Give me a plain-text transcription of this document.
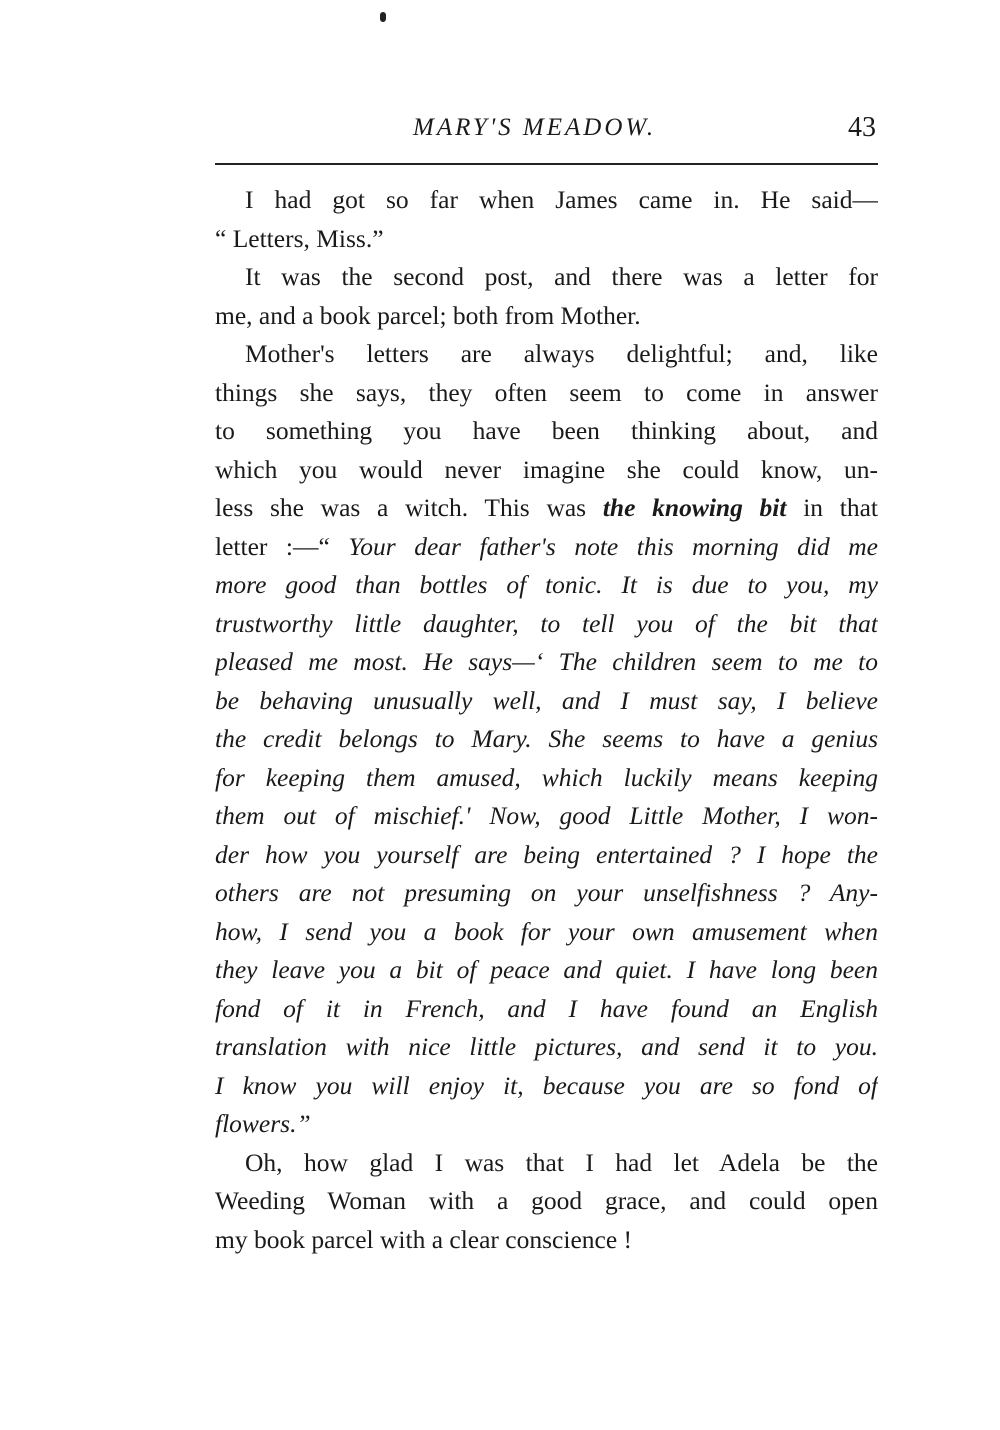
MARY'S MEADOW.	43

I had got so far when James came in. He said—
“ Letters, Miss.”

It was the second post, and there was a letter for
me, and a book parcel; both from Mother.

Mother's letters are always delightful; and, like
things she says, they often seem to come in answer
to something you have been thinking about, and
which you would never imagine she could know, un-
less she was a witch. This was the knowing bit in that
letter :—“ Your dear father's note this morning did me
more good than bottles of tonic. It is due to you, my
trustworthy little daughter, to tell you of the bit that
pleased me most. He says—‘ The children seem to me to
be behaving unusually well, and I must say, I believe
the credit belongs to Mary. She seems to have a genius
for keeping them amused, which luckily means keeping
them out of mischief.' Now, good Little Mother, I won-
der how you yourself are being entertained ? I hope the
others are not presuming on your unselfishness ? Any-
how, I send you a book for your own amusement when
they leave you a bit of peace and quiet. I have long been
fond of it in French, and I have found an English
translation with nice little pictures, and send it to you.
I know you will enjoy it, because you are so fond of
flowers.”

Oh, how glad I was that I had let Adela be the
Weeding Woman with a good grace, and could open
my book parcel with a clear conscience !
